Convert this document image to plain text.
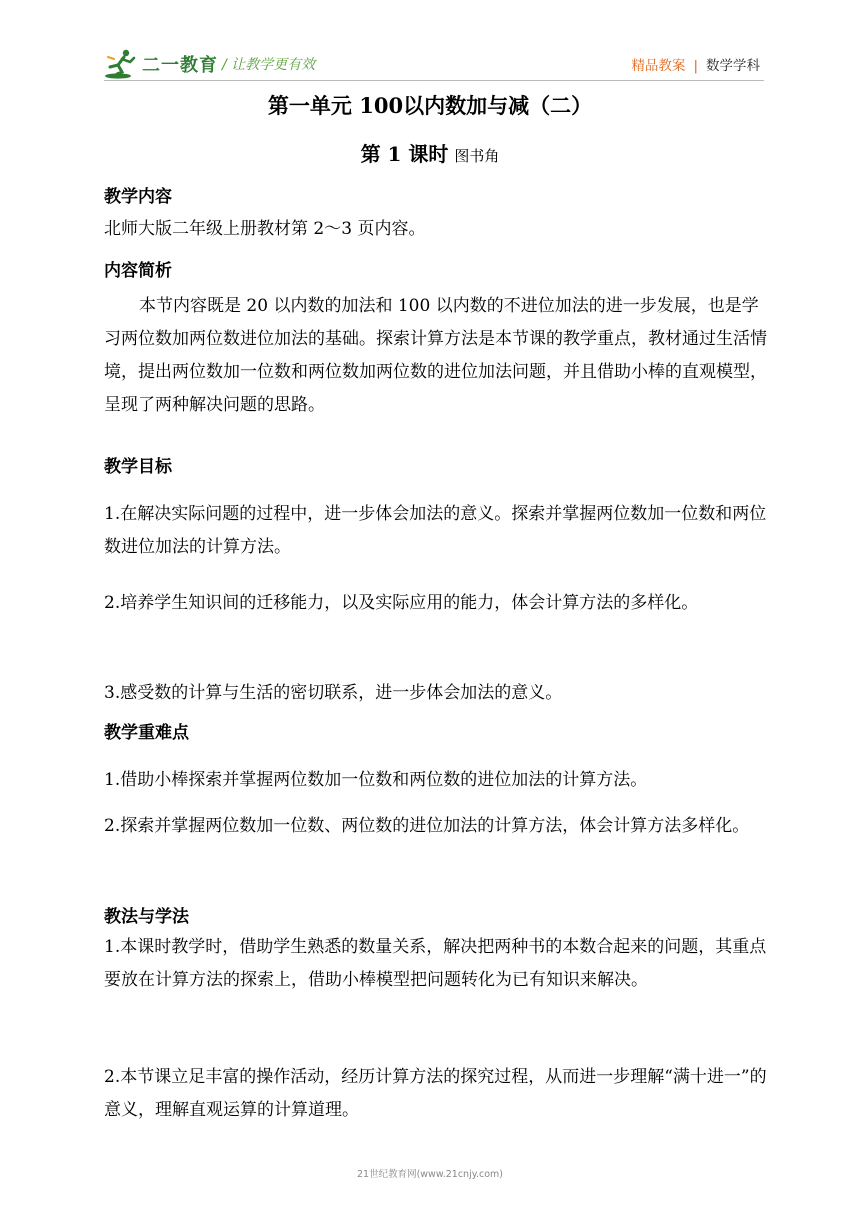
二一教育 / 让教学更有效	精品教案 | 数学学科
第一单元 100以内数加与减（二）
第 1 课时 图书角
教学内容
北师大版二年级上册教材第 2～3 页内容。
内容简析
本节内容既是 20 以内数的加法和 100 以内数的不进位加法的进一步发展，也是学习两位数加两位数进位加法的基础。探索计算方法是本节课的教学重点，教材通过生活情境，提出两位数加一位数和两位数加两位数的进位加法问题，并且借助小棒的直观模型，呈现了两种解决问题的思路。
教学目标
1.在解决实际问题的过程中，进一步体会加法的意义。探索并掌握两位数加一位数和两位数进位加法的计算方法。
2.培养学生知识间的迁移能力，以及实际应用的能力，体会计算方法的多样化。
3.感受数的计算与生活的密切联系，进一步体会加法的意义。
教学重难点
1.借助小棒探索并掌握两位数加一位数和两位数的进位加法的计算方法。
2.探索并掌握两位数加一位数、两位数的进位加法的计算方法，体会计算方法多样化。
教法与学法
1.本课时教学时，借助学生熟悉的数量关系，解决把两种书的本数合起来的问题，其重点要放在计算方法的探索上，借助小棒模型把问题转化为已有知识来解决。
2.本节课立足丰富的操作活动，经历计算方法的探究过程，从而进一步理解“满十进一”的意义，理解直观运算的计算道理。
21世纪教育网(www.21cnjy.com)
